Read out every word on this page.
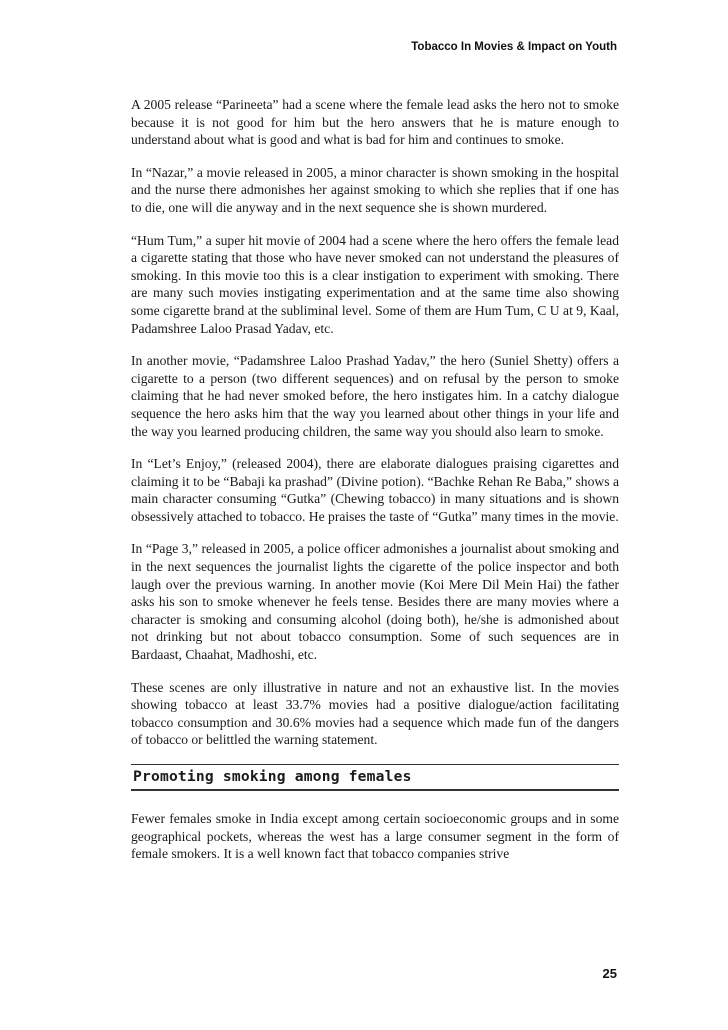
Tobacco In Movies & Impact on Youth

A 2005 release “Parineeta” had a scene where the female lead asks the hero not to smoke because it is not good for him but the hero answers that he is mature enough to understand about what is good and what is bad for him and continues to smoke.

In “Nazar,” a movie released in 2005, a minor character is shown smoking in the hospital and the nurse there admonishes her against smoking to which she replies that if one has to die, one will die anyway and in the next sequence she is shown murdered.

“Hum Tum,” a super hit movie of 2004 had a scene where the hero offers the female lead a cigarette stating that those who have never smoked can not understand the pleasures of smoking. In this movie too this is a clear instigation to experiment with smoking. There are many such movies instigating experimentation and at the same time also showing some cigarette brand at the subliminal level. Some of them are Hum Tum, C U at 9, Kaal, Padamshree Laloo Prasad Yadav, etc.

In another movie, “Padamshree Laloo Prashad Yadav,” the hero (Suniel Shetty) offers a cigarette to a person (two different sequences) and on refusal by the person to smoke claiming that he had never smoked before, the hero instigates him. In a catchy dialogue sequence the hero asks him that the way you learned about other things in your life and the way you learned producing children, the same way you should also learn to smoke.

In “Let’s Enjoy,” (released 2004), there are elaborate dialogues praising cigarettes and claiming it to be “Babaji ka prashad” (Divine potion). “Bachke Rehan Re Baba,” shows a main character consuming “Gutka” (Chewing tobacco) in many situations and is shown obsessively attached to tobacco. He praises the taste of “Gutka” many times in the movie.

In “Page 3,” released in 2005, a police officer admonishes a journalist about smoking and in the next sequences the journalist lights the cigarette of the police inspector and both laugh over the previous warning. In another movie (Koi Mere Dil Mein Hai) the father asks his son to smoke whenever he feels tense. Besides there are many movies where a character is smoking and consuming alcohol (doing both), he/she is admonished about not drinking but not about tobacco consumption. Some of such sequences are in Bardaast, Chaahat, Madhoshi, etc.

These scenes are only illustrative in nature and not an exhaustive list. In the movies showing tobacco at least 33.7% movies had a positive dialogue/action facilitating tobacco consumption and 30.6% movies had a sequence which made fun of the dangers of tobacco or belittled the warning statement.

Promoting smoking among females

Fewer females smoke in India except among certain socioeconomic groups and in some geographical pockets, whereas the west has a large consumer segment in the form of female smokers. It is a well known fact that tobacco companies strive

25
